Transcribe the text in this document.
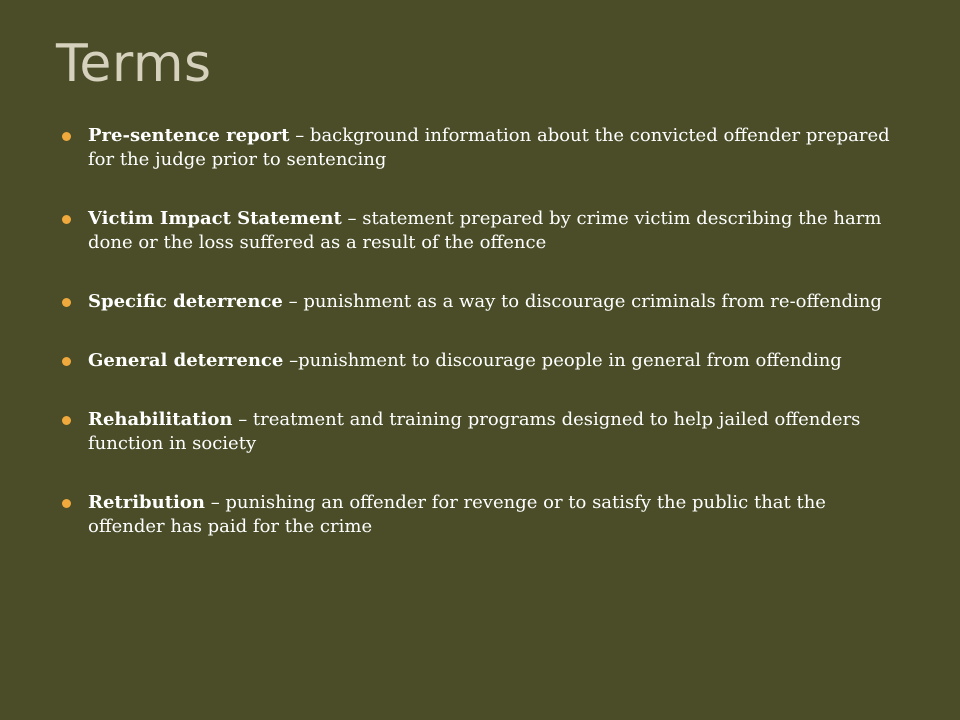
Terms
Pre-sentence report – background information about the convicted offender prepared for the judge prior to sentencing
Victim Impact Statement – statement prepared by crime victim describing the harm done or the loss suffered as a result of the offence
Specific deterrence – punishment as a way to discourage criminals from re-offending
General deterrence –punishment to discourage people in general from offending
Rehabilitation – treatment and training programs designed to help jailed offenders function in society
Retribution – punishing an offender for revenge or to satisfy the public that the offender has paid for the crime
